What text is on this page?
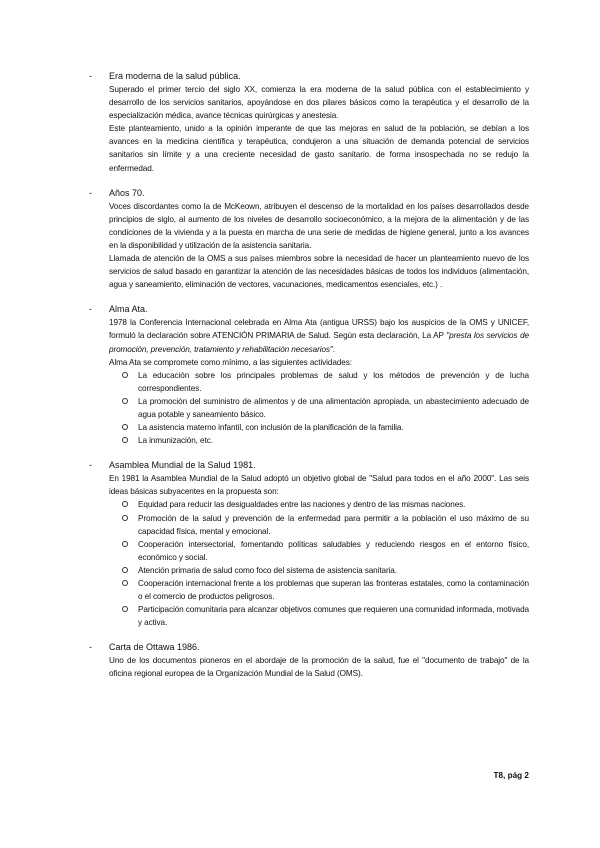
- Era moderna de la salud pública.

Superado el primer tercio del siglo XX, comienza la era moderna de la salud pública con el establecimiento y desarrollo de los servicios sanitarios, apoyándose en dos pilares básicos como la terapéutica y el desarrollo de la especialización médica, avance técnicas quirúrgicas y anestesia.

Este planteamiento, unido a la opinión imperante de que las mejoras en salud de la población, se debían a los avances en la medicina científica y terapéutica, condujeron a una situación de demanda potencial de servicios sanitarios sin límite y a una creciente necesidad de gasto sanitario. de forma insospechada no se redujo la enfermedad.

- Años 70.

Voces discordantes como la de McKeown, atribuyen el descenso de la mortalidad en los países desarrollados desde principios de siglo, al aumento de los niveles de desarrollo socioeconómico, a la mejora de la alimentación y de las condiciones de la vivienda y a la puesta en marcha de una serie de medidas de higiene general, junto a los avances en la disponibilidad y utilización de la asistencia sanitaria.

Llamada de atención de la OMS a sus países miembros sobre la necesidad de hacer un planteamiento nuevo de los servicios de salud basado en garantizar la atención de las necesidades básicas de todos los individuos (alimentación, agua y saneamiento, eliminación de vectores, vacunaciones, medicamentos esenciales, etc.) .

- Alma Ata.

1978 la Conferencia Internacional celebrada en Alma Ata (antigua URSS) bajo los auspicios de la OMS y UNICEF, formuló la declaración sobre ATENCIÓN PRIMARIA de Salud. Según esta declaración, La AP "presta los servicios de promoción, prevención, tratamiento y rehabilitación necesarios".

Alma Ata se compromete como mínimo, a las siguientes actividades:

La educación sobre los principales problemas de salud y los métodos de prevención y de lucha correspondientes.
La promoción del suministro de alimentos y de una alimentación apropiada, un abastecimiento adecuado de agua potable y saneamiento básico.
La asistencia materno infantil, con inclusión de la planificación de la familia.
La inmunización, etc.
- Asamblea Mundial de la Salud 1981.

En 1981 la Asamblea Mundial de la Salud adoptó un objetivo global de "Salud para todos en el año 2000". Las seis ideas básicas subyacentes en la propuesta son:

Equidad para reducir las desigualdades entre las naciones y dentro de las mismas naciones.
Promoción de la salud y prevención de la enfermedad para permitir a la población el uso máximo de su capacidad física, mental y emocional.
Cooperación intersectorial, fomentando políticas saludables y reduciendo riesgos en el entorno físico, económico y social.
Atención primaria de salud como foco del sistema de asistencia sanitaria.
Cooperación internacional frente a los problemas que superan las fronteras estatales, como la contaminación o el comercio de productos peligrosos.
Participación comunitaria para alcanzar objetivos comunes que requieren una comunidad informada, motivada y activa.
- Carta de Ottawa 1986.

Uno de los documentos pioneros en el abordaje de la promoción de la salud, fue el "documento de trabajo" de la oficina regional europea de la Organización Mundial de la Salud (OMS).

T8, pág 2
